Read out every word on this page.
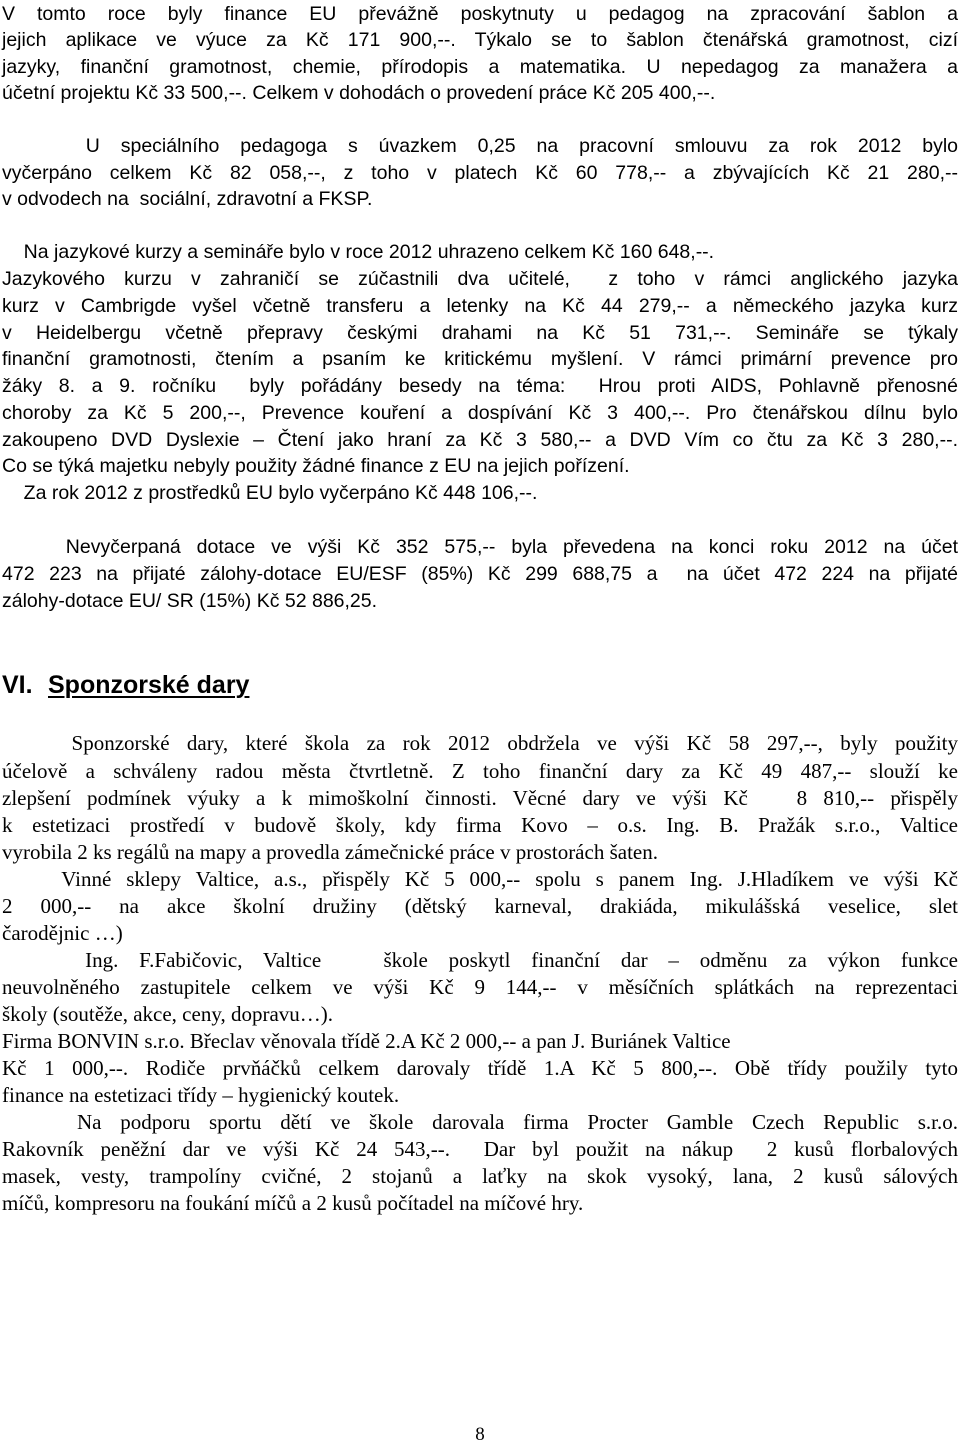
V tomto roce byly finance EU převážně poskytnuty u pedagog na zpracování šablon a
jejich aplikace ve výuce za Kč 171 900,--. Týkalo se to šablon čtenářská gramotnost, cizí
jazyky, finanční gramotnost, chemie, přírodopis a matematika. U nepedagog za manažera a
účetní projektu Kč 33 500,--. Celkem v dohodách o provedení práce Kč 205 400,--.
U speciálního pedagoga s úvazkem 0,25 na pracovní smlouvu za rok 2012 bylo
vyčerpáno celkem Kč 82 058,--, z toho v platech Kč 60 778,-- a zbývajících Kč 21 280,--
v odvodech na  sociální, zdravotní a FKSP.
Na jazykové kurzy a semináře bylo v roce 2012 uhrazeno celkem Kč 160 648,--.
Jazykového kurzu v zahraničí se zúčastnili dva učitelé,  z toho v rámci anglického jazyka
kurz v Cambrigde vyšel včetně transferu a letenky na Kč 44 279,-- a německého jazyka kurz
v Heidelbergu včetně přepravy českými drahami na Kč 51 731,--. Semináře se týkaly
finanční gramotnosti, čtením a psaním ke kritickému myšlení. V rámci primární prevence pro
žáky 8. a 9. ročníku  byly pořádány besedy na téma:  Hrou proti AIDS, Pohlavně přenosné
choroby za Kč 5 200,--, Prevence kouření a dospívání Kč 3 400,--. Pro čtenářskou dílnu bylo
zakoupeno DVD Dyslexie – Čtení jako hraní za Kč 3 580,-- a DVD Vím co čtu za Kč 3 280,--.
Co se týká majetku nebyly použity žádné finance z EU na jejich pořízení.
Za rok 2012 z prostředků EU bylo vyčerpáno Kč 448 106,--.
Nevyčerpaná dotace ve výši Kč 352 575,-- byla převedena na konci roku 2012 na účet
472 223 na přijaté zálohy-dotace EU/ESF (85%) Kč 299 688,75 a  na účet 472 224 na přijaté
zálohy-dotace EU/ SR (15%) Kč 52 886,25.
VI. Sponzorské dary
Sponzorské dary, které škola za rok 2012 obdržela ve výši Kč 58 297,--, byly použity
účelově a schváleny radou města čtvrtletně. Z toho finanční dary za Kč 49 487,-- slouží ke
zlepšení podmínek výuky a k mimoškolní činnosti. Věcné dary ve výši Kč   8 810,-- přispěly
k estetizaci prostředí v budově školy, kdy firma Kovo – o.s. Ing. B. Pražák s.r.o., Valtice
vyrobila 2 ks regálů na mapy a provedla zámečnické práce v prostorách šaten.
Vinné sklepy Valtice, a.s., přispěly Kč 5 000,-- spolu s panem Ing. J.Hladíkem ve výši Kč
2 000,-- na akce školní družiny (dětský karneval, drakiáda, mikulášská veselice, slet
čarodějnic …)
Ing. F.Fabičovic, Valtice   škole poskytl finanční dar – odměnu za výkon funkce
neuvolněného zastupitele celkem ve výši Kč 9 144,-- v měsíčních splátkách na reprezentaci
školy (soutěže, akce, ceny, dopravu…).
Firma BONVIN s.r.o. Břeclav věnovala třídě 2.A Kč 2 000,-- a pan J. Buriánek Valtice
Kč 1 000,--. Rodiče prvňáčků celkem darovaly třídě 1.A Kč 5 800,--. Obě třídy použily tyto
finance na estetizaci třídy – hygienický koutek.
Na podporu sportu dětí ve škole darovala firma Procter Gamble Czech Republic s.r.o.
Rakovník peněžní dar ve výši Kč 24 543,--.  Dar byl použit na nákup  2 kusů florbalových
masek, vesty, trampolíny cvičné, 2 stojanů a laťky na skok vysoký, lana, 2 kusů sálových
míčů, kompresoru na foukání míčů a 2 kusů počítadel na míčové hry.
8
